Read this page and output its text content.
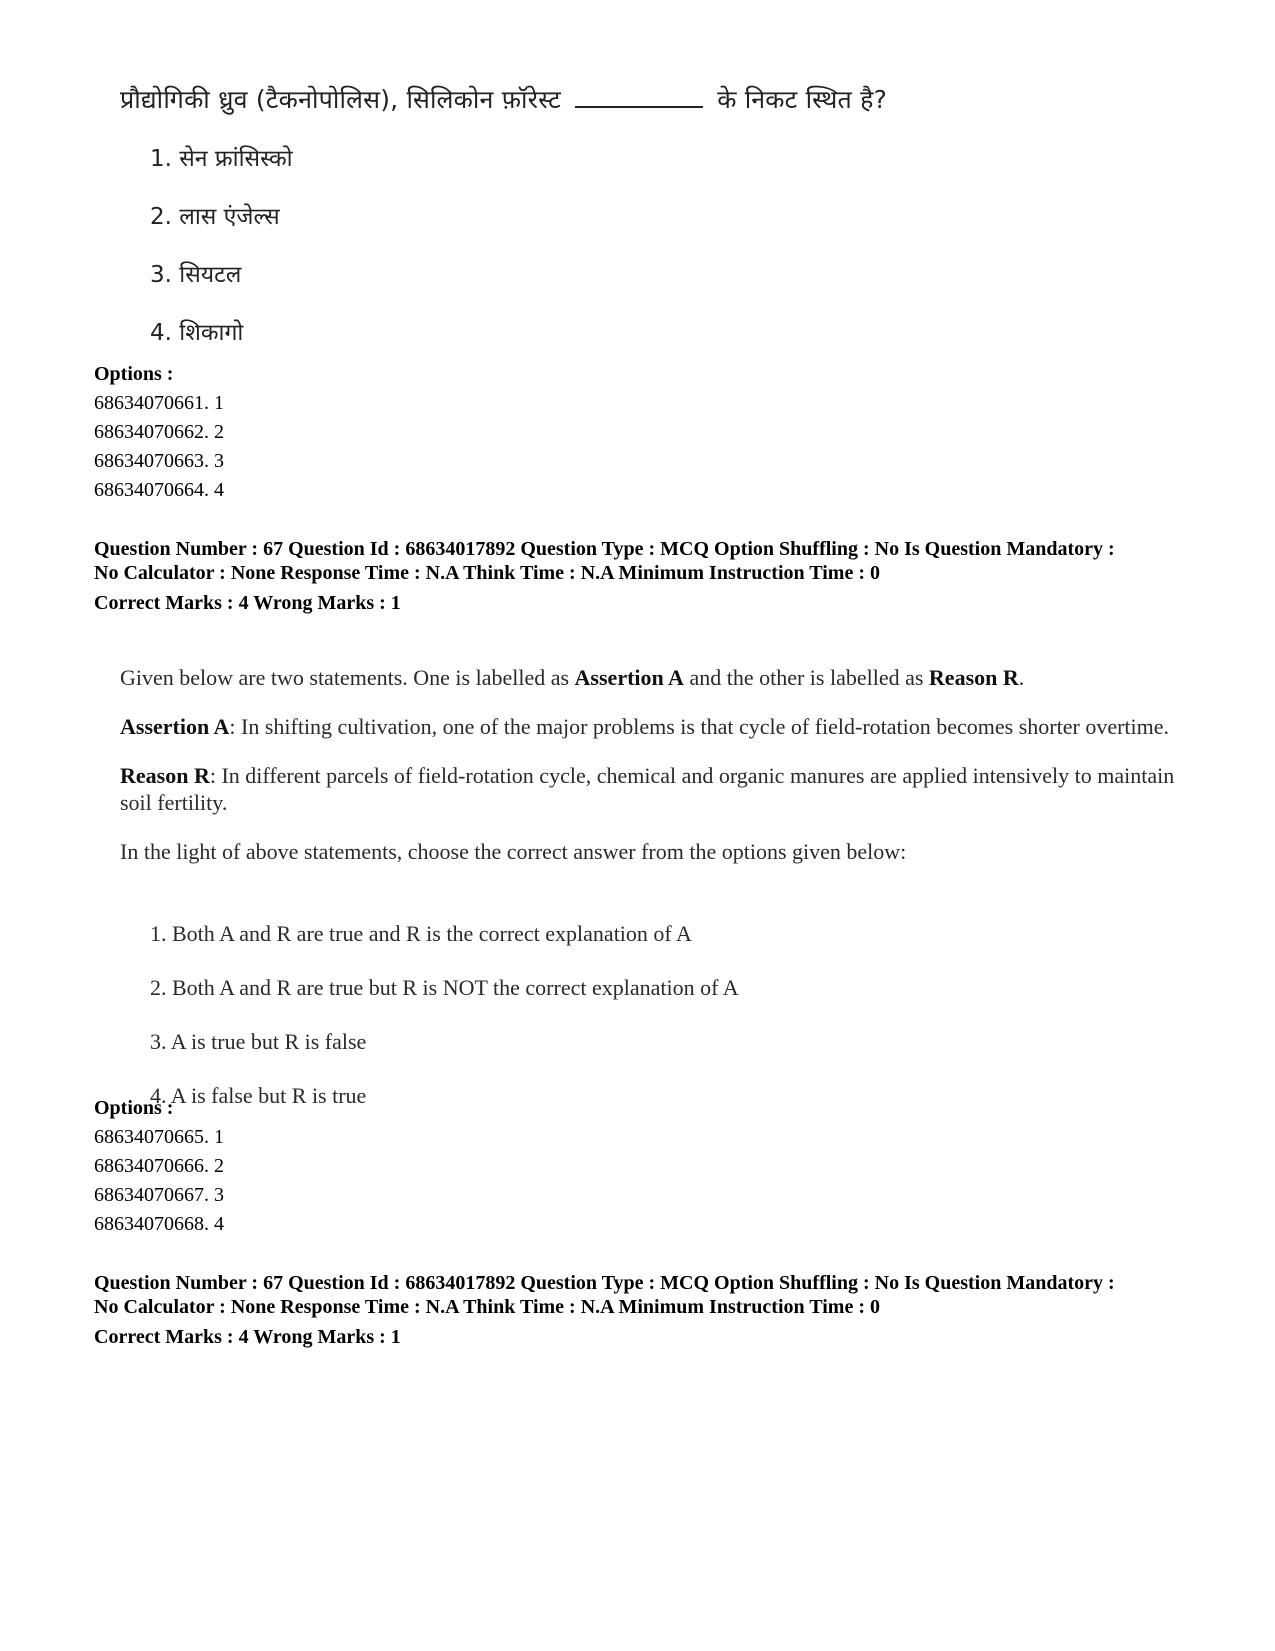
प्रौद्योगिकी ध्रुव (टैकनोपोलिस), सिलिकोन फ़ॉरेस्ट	के निकट स्थित है?
1. सेन फ्रांसिस्को
2. लास एंजेल्स
3. सियटल
4. शिकागो
Options :
68634070661. 1
68634070662. 2
68634070663. 3
68634070664. 4
Question Number : 67 Question Id : 68634017892 Question Type : MCQ Option Shuffling : No Is Question Mandatory :
No Calculator : None Response Time : N.A Think Time : N.A Minimum Instruction Time : 0
Correct Marks : 4 Wrong Marks : 1

Given below are two statements. One is labelled as Assertion A and the other is labelled as Reason R.

Assertion A: In shifting cultivation, one of the major problems is that cycle of field-rotation becomes shorter overtime.

Reason R: In different parcels of field-rotation cycle, chemical and organic manures are applied intensively to maintain soil fertility.

In the light of above statements, choose the correct answer from the options given below:

1. Both A and R are true and R is the correct explanation of A
2. Both A and R are true but R is NOT the correct explanation of A
3. A is true but R is false
4. A is false but R is true
Options :
68634070665. 1
68634070666. 2
68634070667. 3
68634070668. 4
Question Number : 67 Question Id : 68634017892 Question Type : MCQ Option Shuffling : No Is Question Mandatory :
No Calculator : None Response Time : N.A Think Time : N.A Minimum Instruction Time : 0
Correct Marks : 4 Wrong Marks : 1
